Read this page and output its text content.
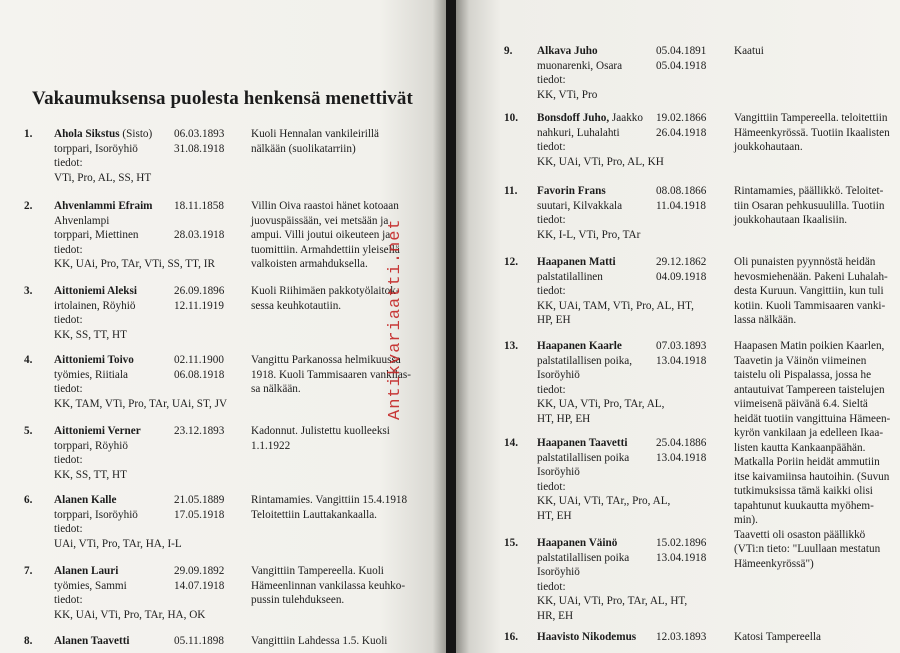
Vakaumuksensa puolesta henkensä menettivät
1. Ahola Sikstus (Sisto)
torppari, Isoröyhiö
tiedot:
VTi, Pro, AL, SS, HT
06.03.1893
31.08.1918
Kuoli Hennalan vankileirillä
nälkään (suolikatarriin)
2. Ahvenlammi Efraim
Ahvenlampi
torppari, Miettinen
tiedot:
KK, UAi, Pro, TAr, VTi, SS, TT, IR
18.11.1858
28.03.1918
Villin Oiva raastoi hänet kotoaan
juovuspäissään, vei metsään ja
ampui. Villi joutui oikeuteen ja
tuomittiin. Armahdettiin yleisellä
valkoisten armahduksella.
3. Aittoniemi Aleksi
irtolainen, Röyhiö
tiedot:
KK, SS, TT, HT
26.09.1896
12.11.1919
Kuoli Riihimäen pakkotyölaitok-
sessa keuhkotautiin.
4. Aittoniemi Toivo
työmies, Riitiala
tiedot:
KK, TAM, VTi, Pro, TAr, UAi, ST, JV
02.11.1900
06.08.1918
Vangittu Parkanossa helmikuussa
1918. Kuoli Tammisaaren vankilas-
sa nälkään.
5. Aittoniemi Verner
torppari, Röyhiö
tiedot:
KK, SS, TT, HT
23.12.1893 Kadonnut. Julistettu kuolleeksi
1.1.1922
6. Alanen Kalle
torppari, Isoröyhiö
tiedot:
UAi, VTi, Pro, TAr, HA, I-L
21.05.1889
17.05.1918
Rintamamies. Vangittiin 15.4.1918
Teloitettiin Lauttakankaalla.
7. Alanen Lauri
työmies, Sammi
tiedot:
KK, UAi, VTi, Pro, TAr, HA, OK
29.09.1892
14.07.1918
Vangittiin Tampereella. Kuoli
Hämeenlinnan vankilassa keuhko-
pussin tulehdukseen.
8. Alanen Taavetti	05.11.1898 Vangittiin Lahdessa 1.5. Kuoli
Antikvariaatti.net
9. Alkava Juho
muonarenki, Osara
tiedot:
KK, VTi, Pro
05.04.1891
05.04.1918
Kaatui
10. Bonsdoff Juho, Jaakko
nahkuri, Luhalahti
tiedot:
KK, UAi, VTi, Pro, AL, KH
19.02.1866
26.04.1918
Vangittiin Tampereella. teloitettiin
Hämeenkyrössä. Tuotiin Ikaalisten
joukkohautaan.
11. Favorin Frans
suutari, Kilvakkala
tiedot:
KK, I-L, VTi, Pro, TAr
08.08.1866
11.04.1918
Rintamamies, päällikkö. Teloitet-
tiin Osaran pehkusuulilla. Tuotiin
joukkohautaan Ikaalisiin.
12. Haapanen Matti
palstatilallinen
tiedot:
KK, UAi, TAM, VTi, Pro, AL, HT,
HP, EH
29.12.1862
04.09.1918
Oli punaisten pyynnöstä heidän
hevosmiehenään. Pakeni Luhalah-
desta Kuruun. Vangittiin, kun tuli
kotiin. Kuoli Tammisaaren vanki-
lassa nälkään.
13. Haapanen Kaarle
palstatilallisen poika,
Isoröyhiö
tiedot:
KK, UA, VTi, Pro, TAr, AL,
HT, HP, EH
07.03.1893
13.04.1918
Haapasen Matin poikien Kaarlen,
Taavetin ja Väinön viimeinen
taistelu oli Pispalassa, jossa he
antautuivat Tampereen taistelujen
viimeisenä päivänä 6.4. Sieltä
heidät tuotiin vangittuina Hämeen-
kyrön vankilaan ja edelleen Ikaa-
listen kautta Kankaanpäähän.
Matkalla Poriin heidät ammutiin
itse kaivamiinsa hautoihin. (Suvun
tutkimuksissa tämä kaikki olisi
tapahtunut kuukautta myöhem-
min).
Taavetti oli osaston päällikkö
(VTi:n tieto: "Luullaan mestatun
Hämeenkyrössä")
14. Haapanen Taavetti
palstatilallisen poika
Isoröyhiö
tiedot:
KK, UAi, VTi, TAr,, Pro, AL,
HT, EH
25.04.1886
13.04.1918
15. Haapanen Väinö
palstatilallisen poika
Isoröyhiö
tiedot:
KK, UAi, VTi, Pro, TAr, AL, HT,
HR, EH
15.02.1896
13.04.1918
16. Haavisto Nikodemus 12.03.1893 Katosi Tampereella
